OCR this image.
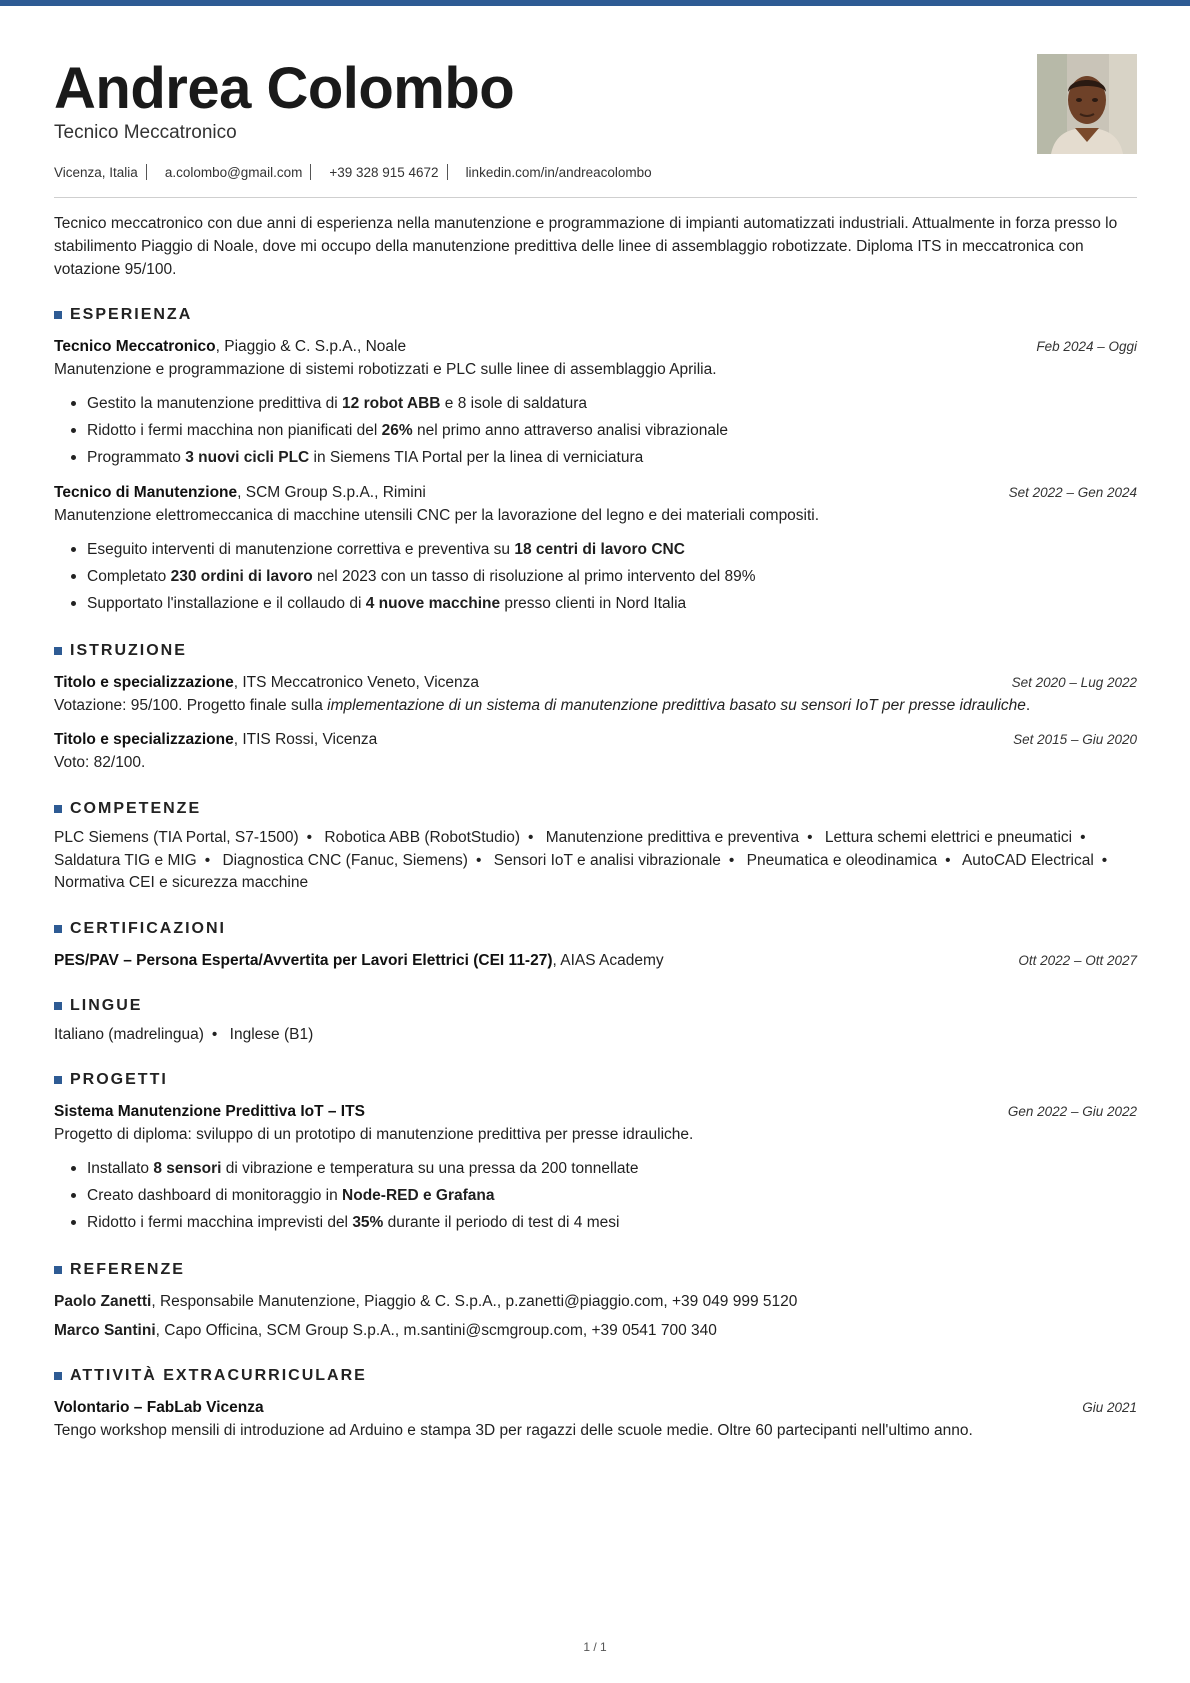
Andrea Colombo
Tecnico Meccatronico
Vicenza, Italia a.colombo@gmail.com +39 328 915 4672 linkedin.com/in/andreacolombo
Tecnico meccatronico con due anni di esperienza nella manutenzione e programmazione di impianti automatizzati industriali. Attualmente in forza presso lo stabilimento Piaggio di Noale, dove mi occupo della manutenzione predittiva delle linee di assemblaggio robotizzate. Diploma ITS in meccatronica con votazione 95/100.
ESPERIENZA
Tecnico Meccatronico, Piaggio & C. S.p.A., Noale	Feb 2024 – Oggi
Manutenzione e programmazione di sistemi robotizzati e PLC sulle linee di assemblaggio Aprilia.
Gestito la manutenzione predittiva di 12 robot ABB e 8 isole di saldatura
Ridotto i fermi macchina non pianificati del 26% nel primo anno attraverso analisi vibrazionale
Programmato 3 nuovi cicli PLC in Siemens TIA Portal per la linea di verniciatura
Tecnico di Manutenzione, SCM Group S.p.A., Rimini	Set 2022 – Gen 2024
Manutenzione elettromeccanica di macchine utensili CNC per la lavorazione del legno e dei materiali compositi.
Eseguito interventi di manutenzione correttiva e preventiva su 18 centri di lavoro CNC
Completato 230 ordini di lavoro nel 2023 con un tasso di risoluzione al primo intervento del 89%
Supportato l'installazione e il collaudo di 4 nuove macchine presso clienti in Nord Italia
ISTRUZIONE
Titolo e specializzazione, ITS Meccatronico Veneto, Vicenza	Set 2020 – Lug 2022
Votazione: 95/100. Progetto finale sulla implementazione di un sistema di manutenzione predittiva basato su sensori IoT per presse idrauliche.
Titolo e specializzazione, ITIS Rossi, Vicenza	Set 2015 – Giu 2020
Voto: 82/100.
COMPETENZE
PLC Siemens (TIA Portal, S7-1500) • Robotica ABB (RobotStudio) • Manutenzione predittiva e preventiva • Lettura schemi elettrici e pneumatici • Saldatura TIG e MIG • Diagnostica CNC (Fanuc, Siemens) • Sensori IoT e analisi vibrazionale • Pneumatica e oleodinamica • AutoCAD Electrical • Normativa CEI e sicurezza macchine
CERTIFICAZIONI
PES/PAV – Persona Esperta/Avvertita per Lavori Elettrici (CEI 11-27), AIAS Academy	Ott 2022 – Ott 2027
LINGUE
Italiano (madrelingua) • Inglese (B1)
PROGETTI
Sistema Manutenzione Predittiva IoT – ITS	Gen 2022 – Giu 2022
Progetto di diploma: sviluppo di un prototipo di manutenzione predittiva per presse idrauliche.
Installato 8 sensori di vibrazione e temperatura su una pressa da 200 tonnellate
Creato dashboard di monitoraggio in Node-RED e Grafana
Ridotto i fermi macchina imprevisti del 35% durante il periodo di test di 4 mesi
REFERENZE
Paolo Zanetti, Responsabile Manutenzione, Piaggio & C. S.p.A., p.zanetti@piaggio.com, +39 049 999 5120
Marco Santini, Capo Officina, SCM Group S.p.A., m.santini@scmgroup.com, +39 0541 700 340
ATTIVITÀ EXTRACURRICULARE
Volontario – FabLab Vicenza	Giu 2021
Tengo workshop mensili di introduzione ad Arduino e stampa 3D per ragazzi delle scuole medie. Oltre 60 partecipanti nell'ultimo anno.
1 / 1
